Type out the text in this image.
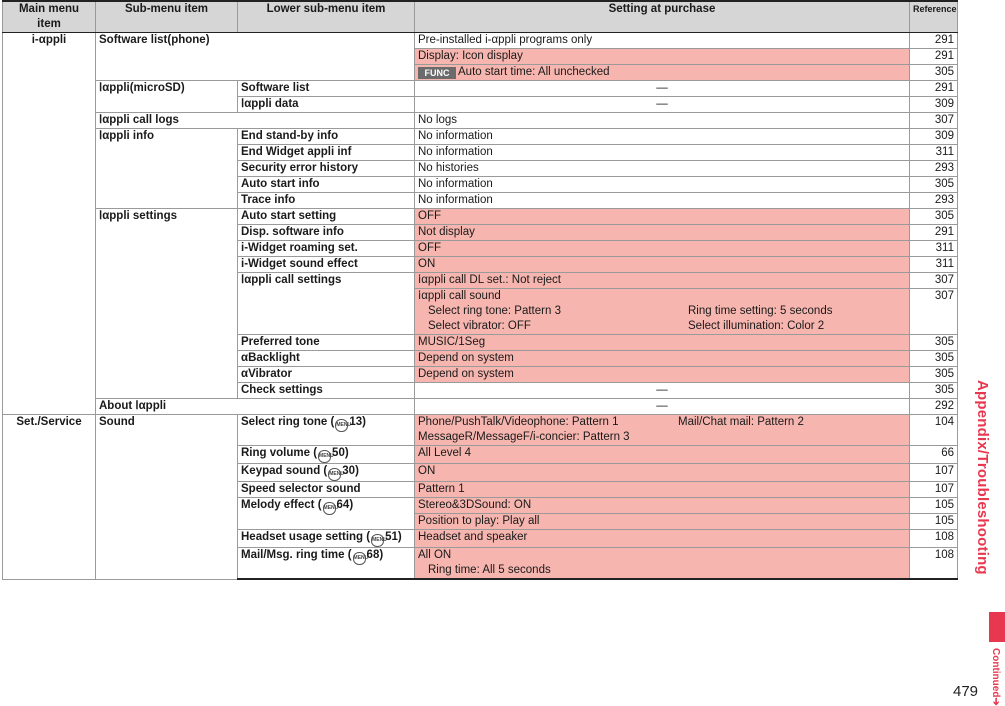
Main menu item	Sub-menu item	Lower sub-menu item	Setting at purchase	Reference
i-αppli	Software list(phone)		Pre-installed i-αppli programs only	291
			Display: Icon display	291
			FUNC Auto start time: All unchecked	305
	ⅰαppli(microSD)	Software list	—	291
		ⅰαppli data	—	309
	ⅰαppli call logs		No logs	307
	ⅰαppli info	End stand-by info	No information	309
		End Widget appli inf	No information	311
		Security error history	No histories	293
		Auto start info	No information	305
		Trace info	No information	293
	ⅰαppli settings	Auto start setting	OFF	305
		Disp. software info	Not display	291
		i-Widget roaming set.	OFF	311
		i-Widget sound effect	ON	311
		ⅰαppli call settings	ⅰαppli call DL set.: Not reject	307

			ⅰαppli call sound
Select ring tone: Pattern 3 Ring time setting: 5 seconds
Select vibrator: OFF Select illumination: Color 2	307
		Preferred tone	MUSIC/1Seg	305
		αBacklight	Depend on system	305
		αVibrator	Depend on system	305
		Check settings	—	305
	About ⅰαppli		—	292
Set./Service	Sound	Select ring tone ( MENU13)	Phone/PushTalk/Videophone: Pattern 1 Mail/Chat mail: Pattern 2
MessageR/MessageF/i-concier: Pattern 3	104
		Ring volume ( MENU50)	All Level 4	66
		Keypad sound ( MENU30)	ON	107
		Speed selector sound	Pattern 1	107
		Melody effect ( MENU64)	Stereo&3DSound: ON	105
			Position to play: Play all	105
		Headset usage setting ( MENU51)	Headset and speaker	108
		Mail/Msg. ring time ( MENU68)	All ON
Ring time: All 5 seconds	108 Appendix/Troubleshooting
Continued➔
479
